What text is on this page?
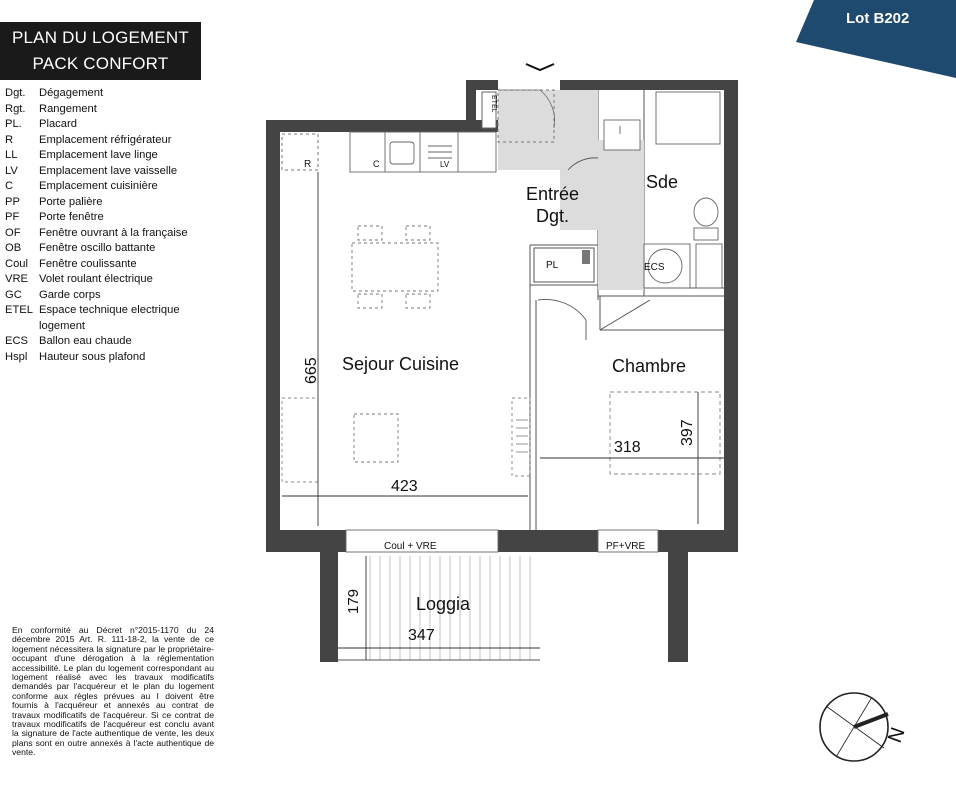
PLAN DU LOGEMENT
PACK CONFORT
Lot B202
Dgt.	Dégagement
Rgt.	Rangement
PL.	Placard
R	Emplacement réfrigérateur
LL	Emplacement lave linge
LV	Emplacement lave vaisselle
C	Emplacement cuisinière
PP	Porte palière
PF	Porte fenêtre
OF	Fenêtre ouvrant à la française
OB	Fenêtre oscillo battante
Coul Fenêtre coulissante
VRE Volet roulant électrique
GC	Garde corps
ETEL Espace technique electrique logement
ECS Ballon eau chaude
Hspl	Hauteur sous plafond
En conformité au Décret n°2015-1170 du 24 décembre 2015 Art. R. 111-18-2, la vente de ce logement nécessitera la signature par le propriétaire-occupant d'une dérogation à la réglementation accessibilité. Le plan du logement correspondant au logement réalisé avec les travaux modificatifs demandés par l'acquéreur et le plan du logement conforme aux règles prévues au I doivent être fournis à l'acquéreur et annexés au contrat de travaux modificatifs de l'acquéreur. Si ce contrat de travaux modificatifs de l'acquéreur est conclu avant la signature de l'acte authentique de vente, les deux plans sont en outre annexés à l'acte authentique de vente.
C	LV
R
ETEL
PL	ECS
Coul + VRE	PF+VRE
665
423
318
397
179
347
Sejour Cuisine
Entrée
Dgt.
Sde
Chambre
Loggia
N
